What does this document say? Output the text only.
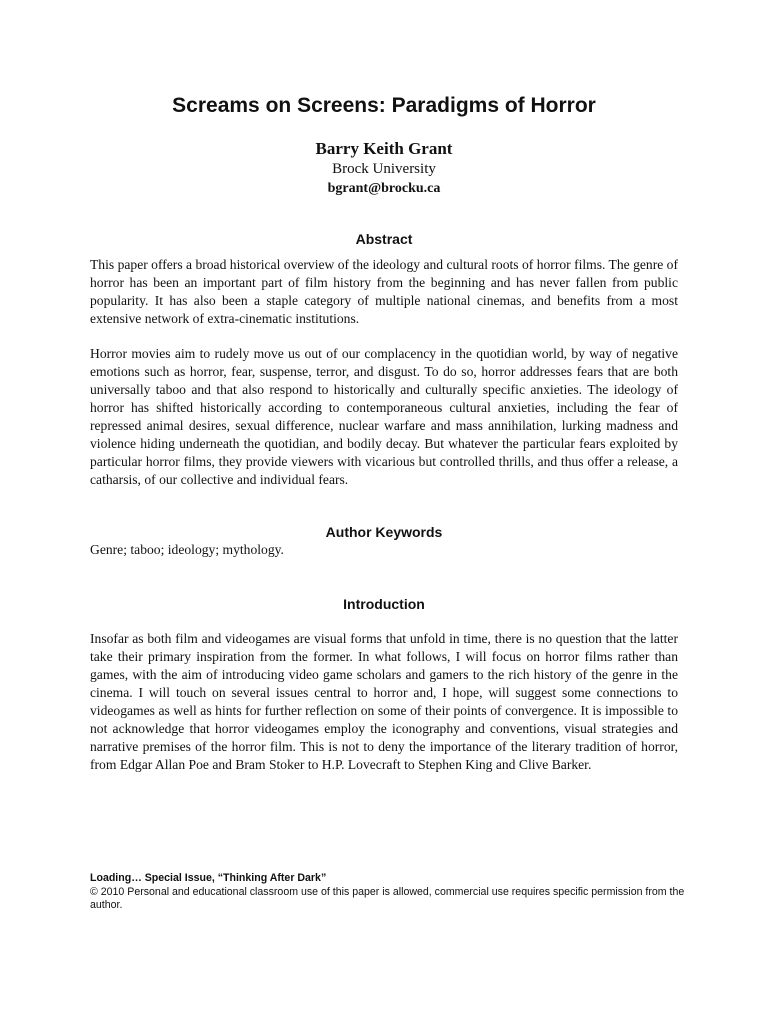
Screams on Screens: Paradigms of Horror
Barry Keith Grant
Brock University
bgrant@brocku.ca
Abstract

This paper offers a broad historical overview of the ideology and cultural roots of horror films. The genre of horror has been an important part of film history from the beginning and has never fallen from public popularity. It has also been a staple category of multiple national cinemas, and benefits from a most extensive network of extra-cinematic institutions.

Horror movies aim to rudely move us out of our complacency in the quotidian world, by way of negative emotions such as horror, fear, suspense, terror, and disgust. To do so, horror addresses fears that are both universally taboo and that also respond to historically and culturally specific anxieties. The ideology of horror has shifted historically according to contemporaneous cultural anxieties, including the fear of repressed animal desires, sexual difference, nuclear warfare and mass annihilation, lurking madness and violence hiding underneath the quotidian, and bodily decay. But whatever the particular fears exploited by particular horror films, they provide viewers with vicarious but controlled thrills, and thus offer a release, a catharsis, of our collective and individual fears.

Author Keywords

Genre; taboo; ideology; mythology.

Introduction

Insofar as both film and videogames are visual forms that unfold in time, there is no question that the latter take their primary inspiration from the former. In what follows, I will focus on horror films rather than games, with the aim of introducing video game scholars and gamers to the rich history of the genre in the cinema. I will touch on several issues central to horror and, I hope, will suggest some connections to videogames as well as hints for further reflection on some of their points of convergence. It is impossible to not acknowledge that horror videogames employ the iconography and conventions, visual strategies and narrative premises of the horror film. This is not to deny the importance of the literary tradition of horror, from Edgar Allan Poe and Bram Stoker to H.P. Lovecraft to Stephen King and Clive Barker.

Loading… Special Issue, “Thinking After Dark”
© 2010 Personal and educational classroom use of this paper is allowed, commercial use requires specific permission from the author.
